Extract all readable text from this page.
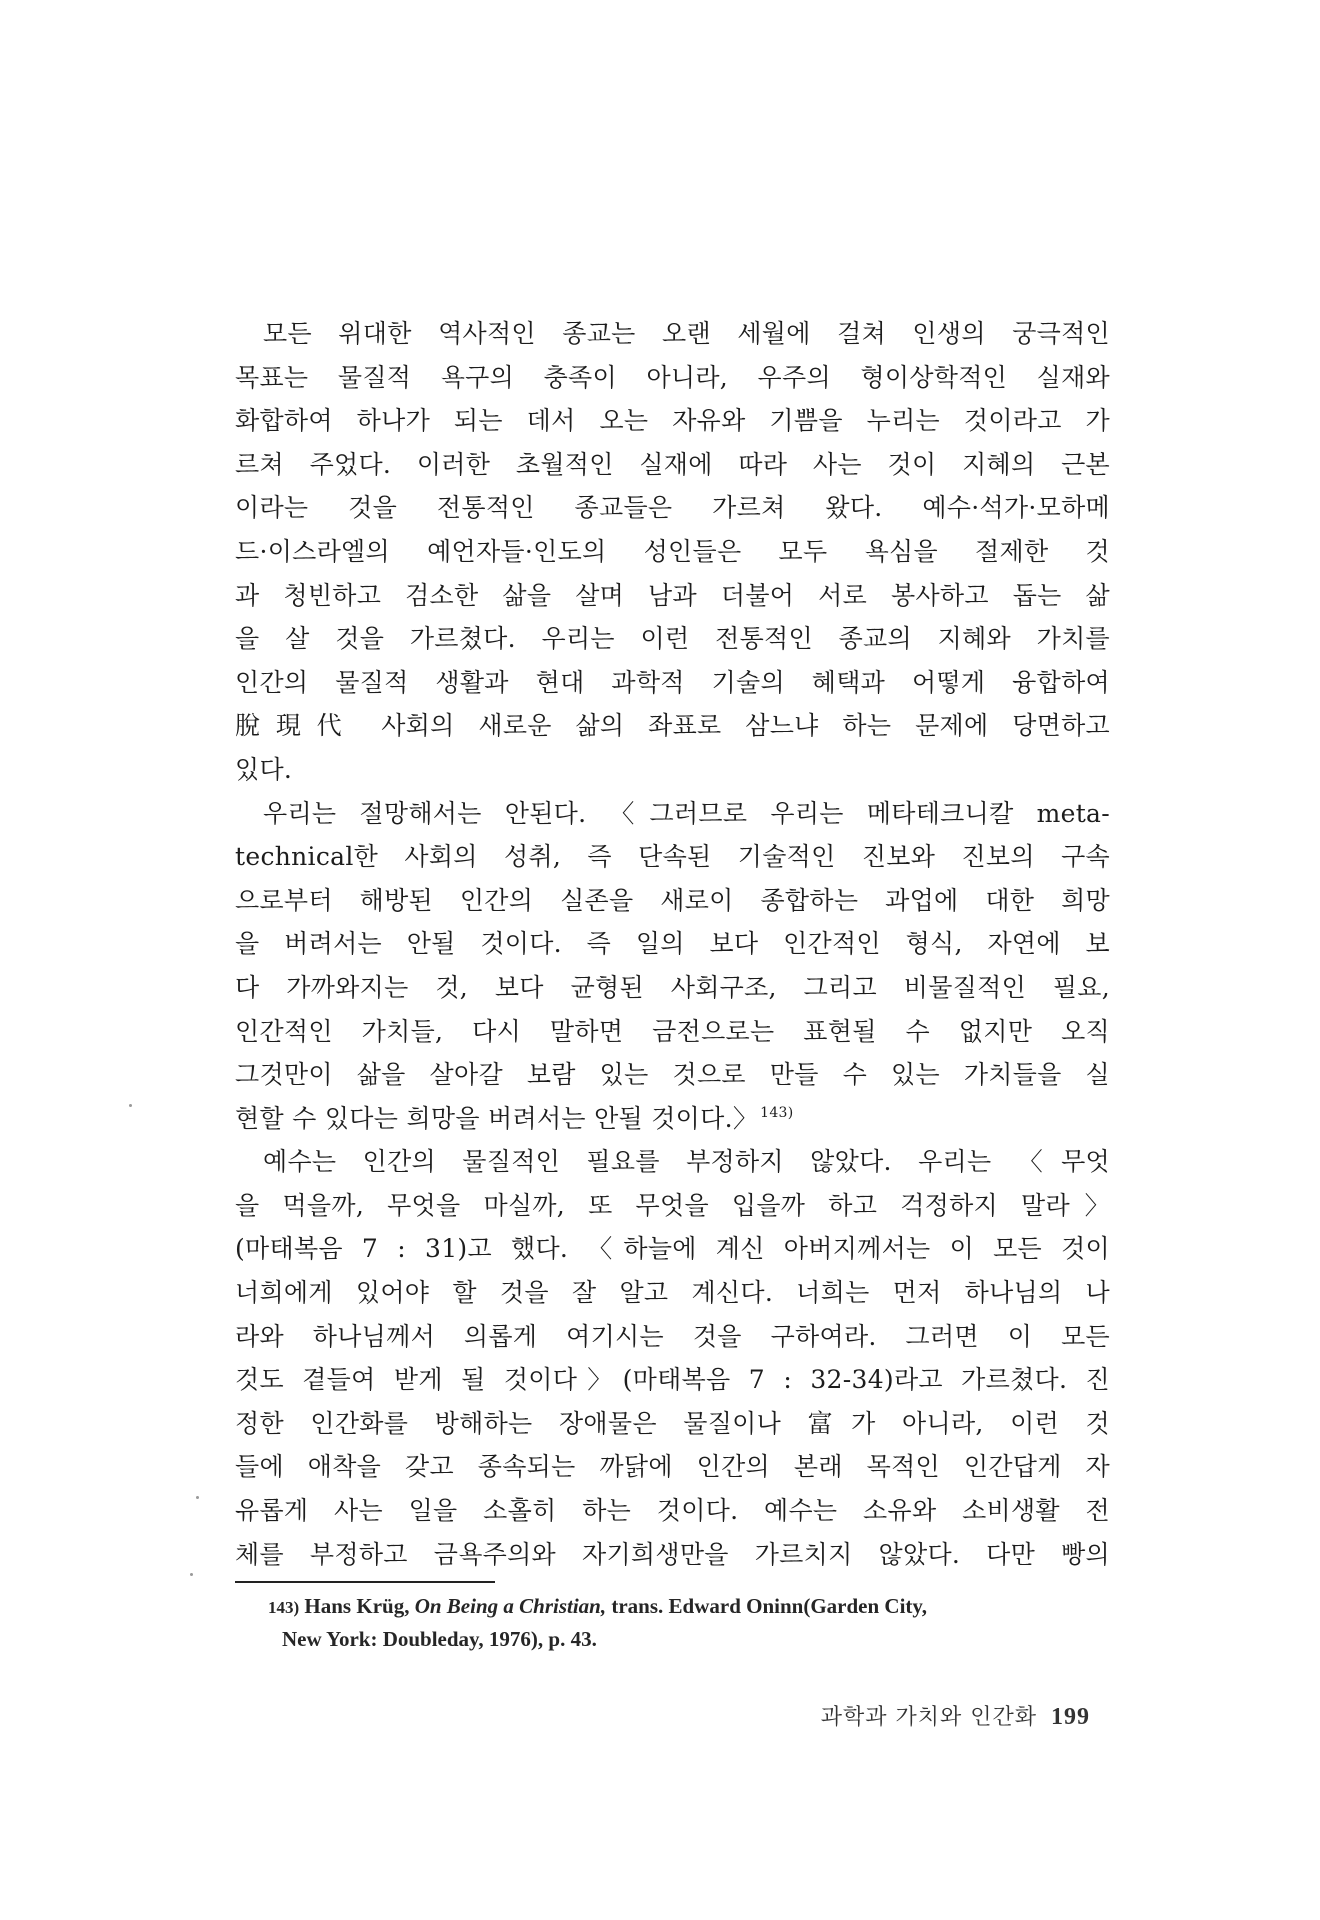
모든 위대한 역사적인 종교는 오랜 세월에 걸쳐 인생의 궁극적인
목표는 물질적 욕구의 충족이 아니라, 우주의 형이상학적인 실재와
화합하여 하나가 되는 데서 오는 자유와 기쁨을 누리는 것이라고 가
르쳐 주었다. 이러한 초월적인 실재에 따라 사는 것이 지혜의 근본
이라는 것을 전통적인 종교들은 가르쳐 왔다. 예수·석가·모하메
드·이스라엘의 예언자들·인도의 성인들은 모두 욕심을 절제한 것
과 청빈하고 검소한 삶을 살며 남과 더불어 서로 봉사하고 돕는 삶
을 살 것을 가르쳤다. 우리는 이런 전통적인 종교의 지혜와 가치를
인간의 물질적 생활과 현대 과학적 기술의 혜택과 어떻게 융합하여
脫現代 사회의 새로운 삶의 좌표로 삼느냐 하는 문제에 당면하고
있다.
우리는 절망해서는 안된다. 〈그러므로 우리는 메타테크니칼 meta-
technical한 사회의 성취, 즉 단속된 기술적인 진보와 진보의 구속
으로부터 해방된 인간의 실존을 새로이 종합하는 과업에 대한 희망
을 버려서는 안될 것이다. 즉 일의 보다 인간적인 형식, 자연에 보
다 가까와지는 것, 보다 균형된 사회구조, 그리고 비물질적인 필요,
인간적인 가치들, 다시 말하면 금전으로는 표현될 수 없지만 오직
그것만이 삶을 살아갈 보람 있는 것으로 만들 수 있는 가치들을 실
현할 수 있다는 희망을 버려서는 안될 것이다.〉 $^{143)}$
예수는 인간의 물질적인 필요를 부정하지 않았다. 우리는 〈무엇
을 먹을까, 무엇을 마실까, 또 무엇을 입을까 하고 걱정하지 말라〉
(마태복음 7 : 31)고 했다. 〈하늘에 계신 아버지께서는 이 모든 것이
너희에게 있어야 할 것을 잘 알고 계신다. 너희는 먼저 하나님의 나
라와 하나님께서 의롭게 여기시는 것을 구하여라. 그러면 이 모든
것도 곁들여 받게 될 것이다〉(마태복음 7 : 32-34)라고 가르쳤다. 진
정한 인간화를 방해하는 장애물은 물질이나 富가 아니라, 이런 것
들에 애착을 갖고 종속되는 까닭에 인간의 본래 목적인 인간답게 자
유롭게 사는 일을 소홀히 하는 것이다. 예수는 소유와 소비생활 전
체를 부정하고 금욕주의와 자기희생만을 가르치지 않았다. 다만 빵의
143) Hans Krüg, On Being a Christian, trans. Edward Oninn(Garden City,
New York: Doubleday, 1976), p. 43.
과학과 가치와 인간화 199
